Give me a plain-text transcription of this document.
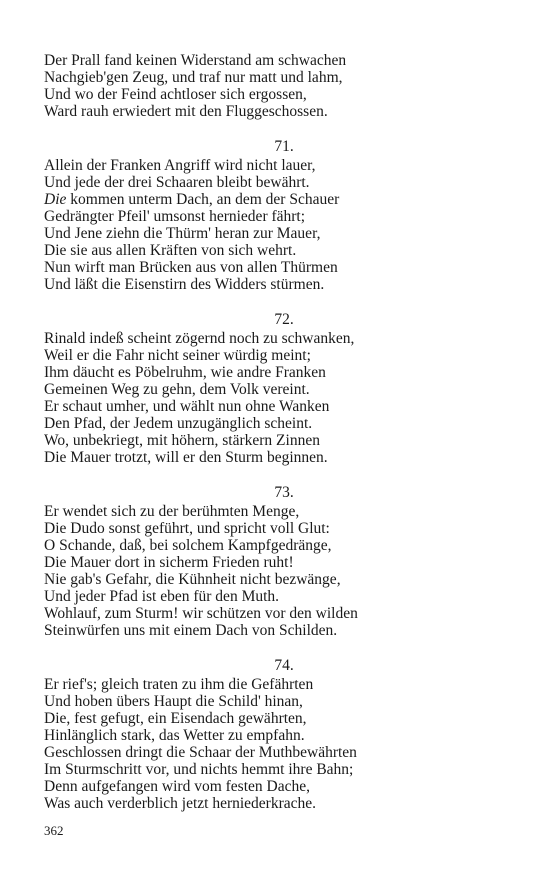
Der Prall fand keinen Widerstand am schwachen

Nachgieb'gen Zeug, und traf nur matt und lahm,

Und wo der Feind achtloser sich ergossen,

Ward rauh erwiedert mit den Fluggeschossen.

71.

Allein der Franken Angriff wird nicht lauer,

Und jede der drei Schaaren bleibt bewährt.

Die kommen unterm Dach, an dem der Schauer

Gedrängter Pfeil' umsonst hernieder fährt;

Und Jene ziehn die Thürm' heran zur Mauer,

Die sie aus allen Kräften von sich wehrt.

Nun wirft man Brücken aus von allen Thürmen

Und läßt die Eisenstirn des Widders stürmen.

72.

Rinald indeß scheint zögernd noch zu schwanken,

Weil er die Fahr nicht seiner würdig meint;

Ihm däucht es Pöbelruhm, wie andre Franken

Gemeinen Weg zu gehn, dem Volk vereint.

Er schaut umher, und wählt nun ohne Wanken

Den Pfad, der Jedem unzugänglich scheint.

Wo, unbekriegt, mit höhern, stärkern Zinnen

Die Mauer trotzt, will er den Sturm beginnen.

73.

Er wendet sich zu der berühmten Menge,

Die Dudo sonst geführt, und spricht voll Glut:

O Schande, daß, bei solchem Kampfgedränge,

Die Mauer dort in sicherm Frieden ruht!

Nie gab's Gefahr, die Kühnheit nicht bezwänge,

Und jeder Pfad ist eben für den Muth.

Wohlauf, zum Sturm! wir schützen vor den wilden

Steinwürfen uns mit einem Dach von Schilden.

74.

Er rief's; gleich traten zu ihm die Gefährten

Und hoben übers Haupt die Schild' hinan,

Die, fest gefugt, ein Eisendach gewährten,

Hinlänglich stark, das Wetter zu empfahn.

Geschlossen dringt die Schaar der Muthbewährten

Im Sturmschritt vor, und nichts hemmt ihre Bahn;

Denn aufgefangen wird vom festen Dache,

Was auch verderblich jetzt herniederkrache.

362
